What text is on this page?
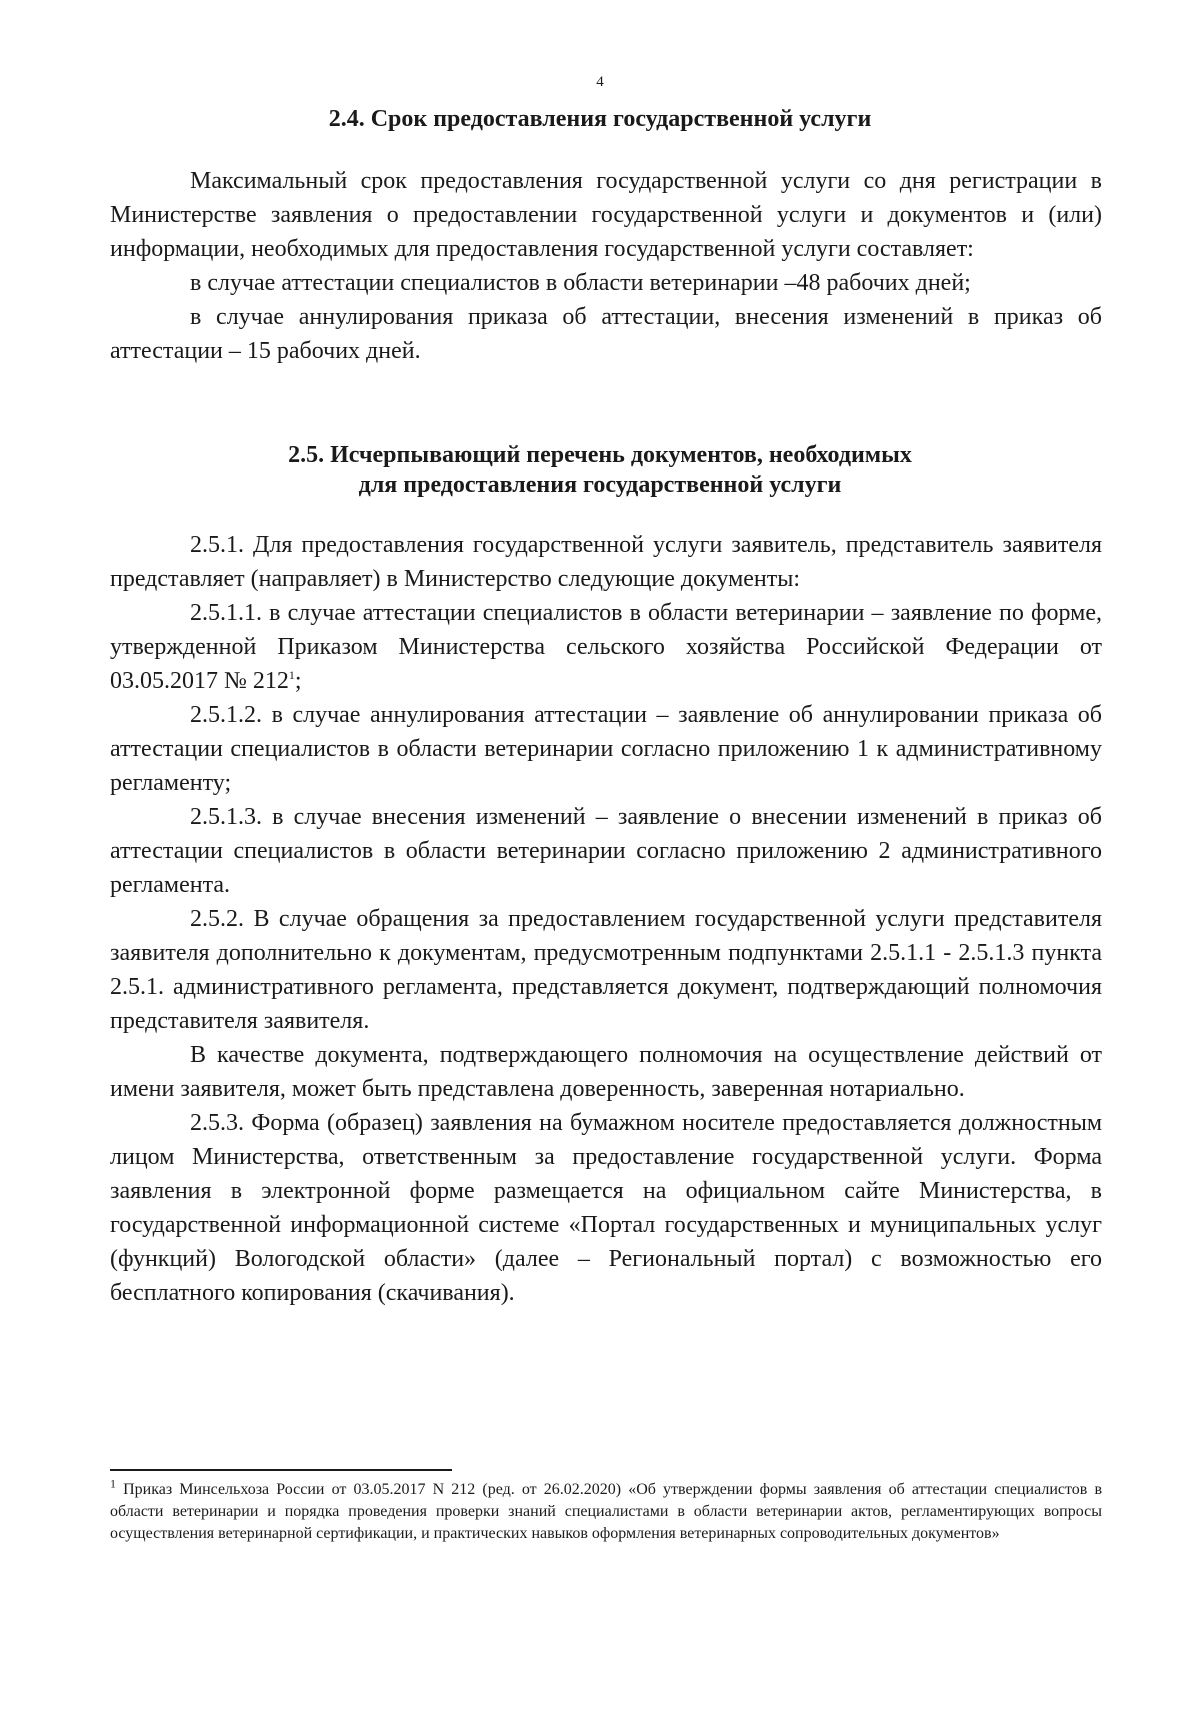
4
2.4. Срок предоставления государственной услуги

Максимальный срок предоставления государственной услуги со дня регистрации в Министерстве заявления о предоставлении государственной услуги и документов и (или) информации, необходимых для предоставления государственной услуги составляет:

в случае аттестации специалистов в области ветеринарии –48 рабочих дней;

в случае аннулирования приказа об аттестации, внесения изменений в приказ об аттестации – 15 рабочих дней.

2.5. Исчерпывающий перечень документов, необходимых
для предоставления государственной услуги

2.5.1. Для предоставления государственной услуги заявитель, представитель заявителя представляет (направляет) в Министерство следующие документы:

2.5.1.1. в случае аттестации специалистов в области ветеринарии – заявление по форме, утвержденной Приказом Министерства сельского хозяйства Российской Федерации от 03.05.2017 № $212^1$;

2.5.1.2. в случае аннулирования аттестации – заявление об аннулировании приказа об аттестации специалистов в области ветеринарии согласно приложению 1 к административному регламенту;

2.5.1.3. в случае внесения изменений – заявление о внесении изменений в приказ об аттестации специалистов в области ветеринарии согласно приложению 2 административного регламента.

2.5.2. В случае обращения за предоставлением государственной услуги представителя заявителя дополнительно к документам, предусмотренным подпунктами 2.5.1.1 - 2.5.1.3 пункта 2.5.1. административного регламента, представляется документ, подтверждающий полномочия представителя заявителя.

В качестве документа, подтверждающего полномочия на осуществление действий от имени заявителя, может быть представлена доверенность, заверенная нотариально.

2.5.3. Форма (образец) заявления на бумажном носителе предоставляется должностным лицом Министерства, ответственным за предоставление государственной услуги. Форма заявления в электронной форме размещается на официальном сайте Министерства, в государственной информационной системе «Портал государственных и муниципальных услуг (функций) Вологодской области» (далее – Региональный портал) с возможностью его бесплатного копирования (скачивания).

$^1$ Приказ Минсельхоза России от 03.05.2017 N 212 (ред. от 26.02.2020) «Об утверждении формы заявления об аттестации специалистов в области ветеринарии и порядка проведения проверки знаний специалистами в области ветеринарии актов, регламентирующих вопросы осуществления ветеринарной сертификации, и практических навыков оформления ветеринарных сопроводительных документов»
